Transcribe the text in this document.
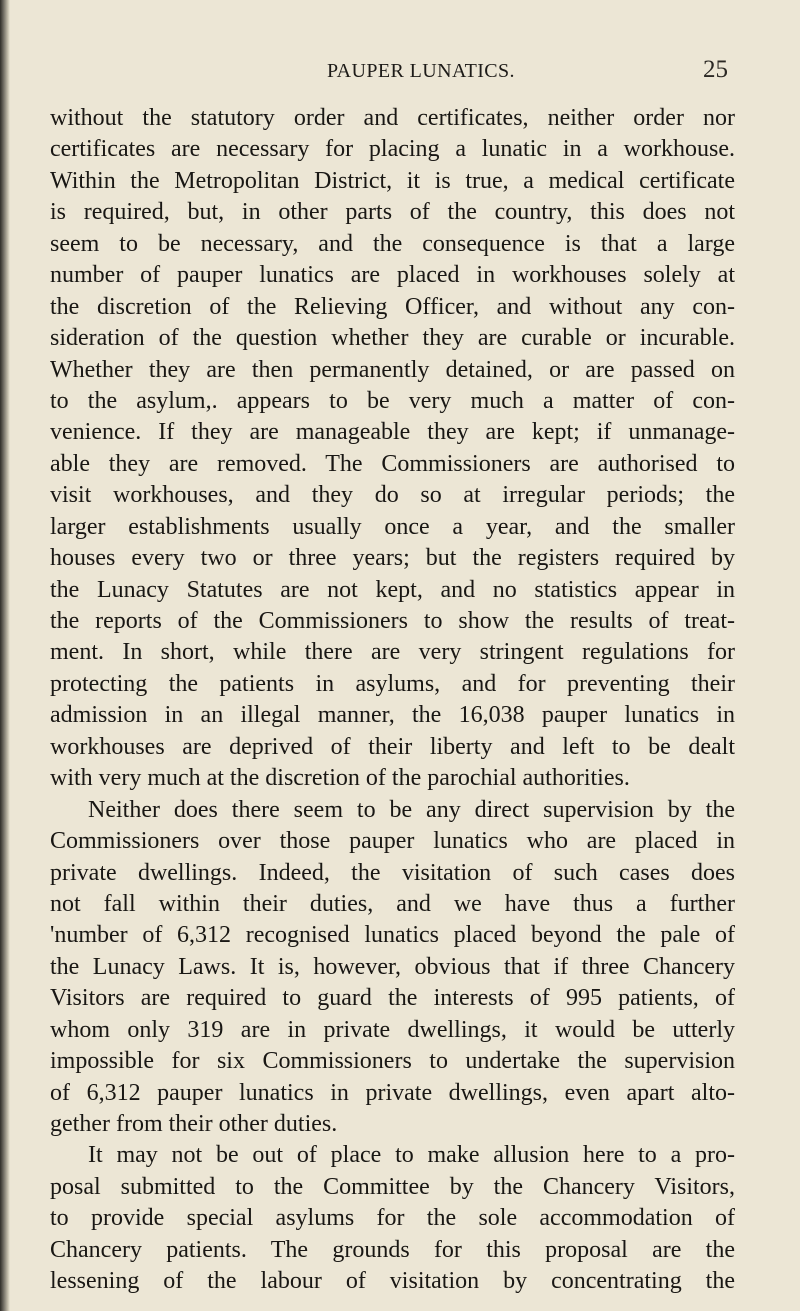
PAUPER LUNATICS.	25
without the statutory order and certificates, neither order nor
certificates are necessary for placing a lunatic in a workhouse.
Within the Metropolitan District, it is true, a medical certificate
is required, but, in other parts of the country, this does not
seem to be necessary, and the consequence is that a large
number of pauper lunatics are placed in workhouses solely at
the discretion of the Relieving Officer, and without any con-
sideration of the question whether they are curable or incurable.
Whether they are then permanently detained, or are passed on
to the asylum,. appears to be very much a matter of con-
venience. If they are manageable they are kept; if unmanage-
able they are removed. The Commissioners are authorised to
visit workhouses, and they do so at irregular periods; the
larger establishments usually once a year, and the smaller
houses every two or three years; but the registers required by
the Lunacy Statutes are not kept, and no statistics appear in
the reports of the Commissioners to show the results of treat-
ment. In short, while there are very stringent regulations for
protecting the patients in asylums, and for preventing their
admission in an illegal manner, the 16,038 pauper lunatics in
workhouses are deprived of their liberty and left to be dealt
with very much at the discretion of the parochial authorities.
Neither does there seem to be any direct supervision by the
Commissioners over those pauper lunatics who are placed in
private dwellings. Indeed, the visitation of such cases does
not fall within their duties, and we have thus a further
'number of 6,312 recognised lunatics placed beyond the pale of
the Lunacy Laws. It is, however, obvious that if three Chancery
Visitors are required to guard the interests of 995 patients, of
whom only 319 are in private dwellings, it would be utterly
impossible for six Commissioners to undertake the supervision
of 6,312 pauper lunatics in private dwellings, even apart alto-
gether from their other duties.
It may not be out of place to make allusion here to a pro-
posal submitted to the Committee by the Chancery Visitors,
to provide special asylums for the sole accommodation of
Chancery patients. The grounds for this proposal are the
lessening of the labour of visitation by concentrating the
